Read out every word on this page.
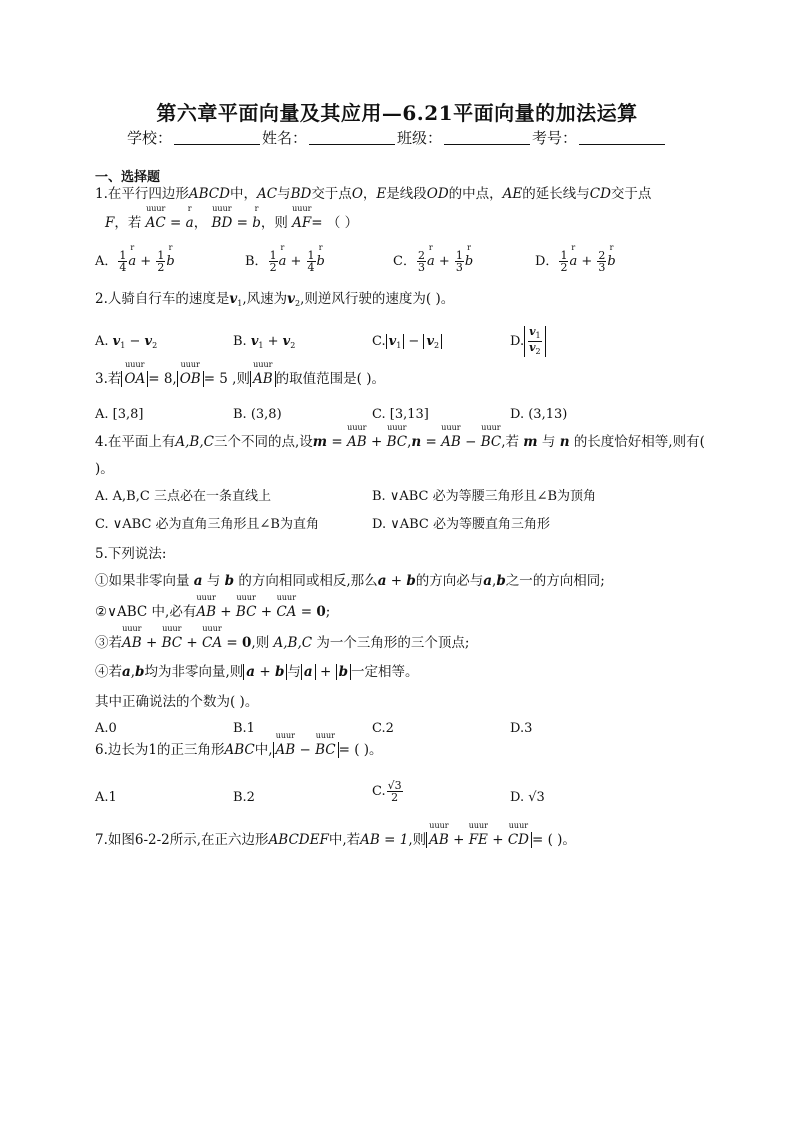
第六章平面向量及其应用—6.21平面向量的加法运算
学校：	姓名：	班级：	考号：
一、选择题
1.在平行四边形ABCD中，AC与BD交于点O，E是线段OD的中点，AE的延长线与CD交于点
F，若 AC
uuur
= a
r
， BD
uuur
= b
r
，则 AF
uuur
= （ ）
A． $\frac{1}{4}$ a
r
+ $\frac{1}{2}$ b
r
B． $\frac{1}{2}$ a
r
+ $\frac{1}{4}$ b
r
C． $\frac{2}{3}$ a
r
+ $\frac{1}{3}$ b
r
D． $\frac{1}{2}$ a
r
+ $\frac{2}{3}$ b
r
2.人骑自行车的速度是$v_1$,风速为$v_2$,则逆风行驶的速度为( )。
A. $v_1 - v_2$	B. $v_1 + v_2$	C. $v_1 - v_2$	D. $\frac{v_1}{v_2}$
3.若 OA
uuur
= 8, OB
uuur
= 5 ,则 AB
uuur
的取值范围是( )。
A. [3,8]	B. (3,8)	C. [3,13]	D. (3,13)
4.在平面上有A,B,C三个不同的点,设m = AB
uuur
+ BC
uuur
,n = AB
uuur
− BC
uuur
,若 m 与 n 的长度恰好相等,则有(
)。
A. A,B,C 三点必在一条直线上	B. ∨ABC 必为等腰三角形且∠B为顶角
C. ∨ABC 必为直角三角形且∠B为直角	D. ∨ABC 必为等腰直角三角形
5.下列说法:
①如果非零向量 a 与 b 的方向相同或相反,那么a + b的方向必与a,b之一的方向相同;
②∨ABC 中,必有AB
uuur
+ BC
uuur
+ CA
uuur
= 0;
③若AB
uuur
+ BC
uuur
+ CA
uuur
= 0,则 A,B,C 为一个三角形的三个顶点;
④若a,b均为非零向量,则 a + b 与 a + b 一定相等。
其中正确说法的个数为( )。
A.0	B.1	C.2	D.3
6.边长为1的正三角形ABC中, AB
uuur
− BC
uuur
= ( )。
A.1	B.2	C. $\frac{√3}{2}$	D. √3
7.如图6-2-2所示,在正六边形ABCDEF中,若AB = 1,则 AB
uuur
+ FE
uuur
+ CD
uuur
= ( )。
